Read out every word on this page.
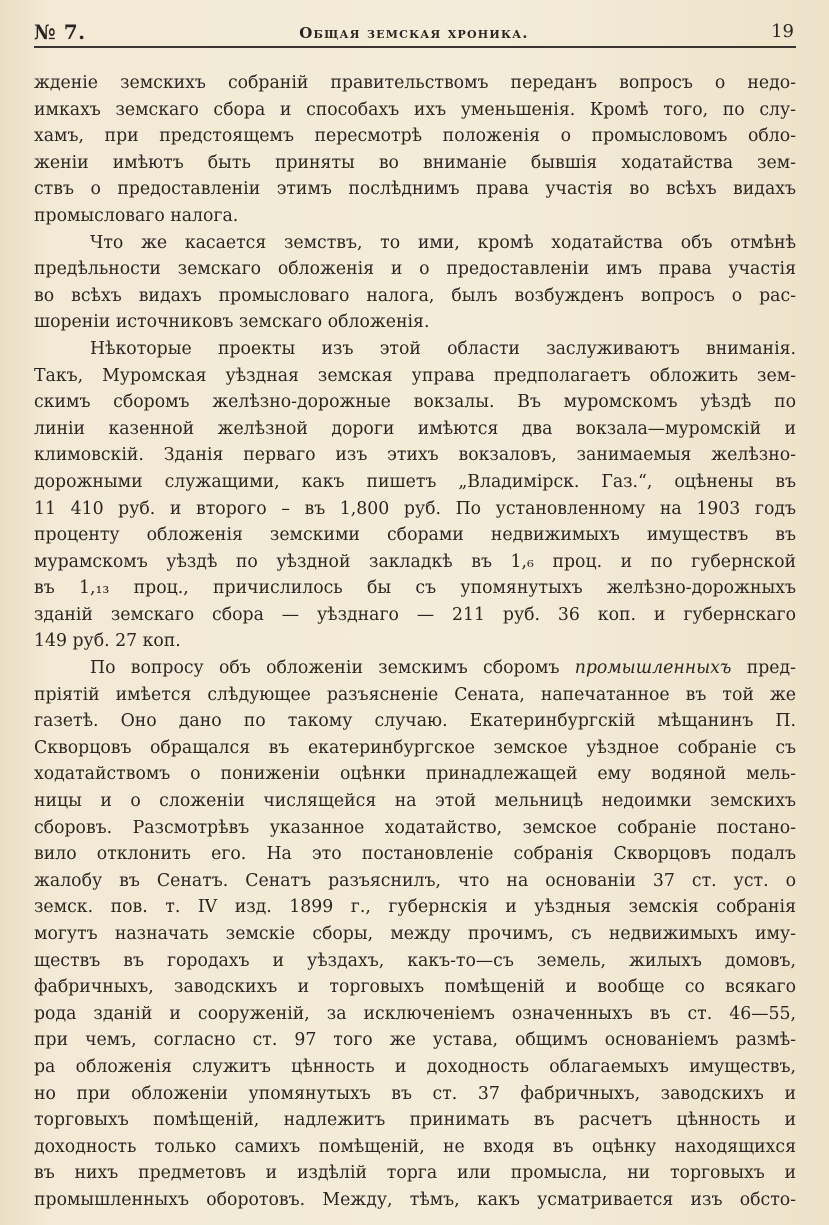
№ 7.	Общая земская хроника.	19
жденіе земскихъ собраній правительствомъ переданъ вопросъ о недо-
имкахъ земскаго сбора и способахъ ихъ уменьшенія. Кромѣ того, по слу-
хамъ, при предстоящемъ пересмотрѣ положенія о промысловомъ обло-
женіи имѣютъ быть приняты во вниманіе бывшія ходатайства зем-
ствъ о предоставленіи этимъ послѣднимъ права участія во всѣхъ видахъ
промысловаго налога.
Что же касается земствъ, то ими, кромѣ ходатайства объ отмѣнѣ
предѣльности земскаго обложенія и о предоставленіи имъ права участія
во всѣхъ видахъ промысловаго налога, былъ возбужденъ вопросъ о рас-
шореніи источниковъ земскаго обложенія.
Нѣкоторые проекты изъ этой области заслуживаютъ вниманія.
Такъ, Муромская уѣздная земская управа предполагаетъ обложить зем-
скимъ сборомъ желѣзно-дорожные вокзалы. Въ муромскомъ уѣздѣ по
линіи казенной желѣзной дороги имѣются два вокзала—муромскій и
климовскій. Зданія перваго изъ этихъ вокзаловъ, занимаемыя желѣзно-
дорожными служащими, какъ пишетъ „Владимірск. Газ.“, оцѣнены въ
11 410 руб. и второго – въ 1,800 руб. По установленному на 1903 годъ
проценту обложенія земскими сборами недвижимыхъ имуществъ въ
мурамскомъ уѣздѣ по уѣздной закладкѣ въ 1,₆ проц. и по губернской
въ 1,₁₃ проц., причислилось бы съ упомянутыхъ желѣзно-дорожныхъ
зданій земскаго сбора — уѣзднаго — 211 руб. 36 коп. и губернскаго
149 руб. 27 коп.
По вопросу объ обложеніи земскимъ сборомъ промышленныхъ пред-
пріятій имѣется слѣдующее разъясненіе Сената, напечатанное въ той же
газетѣ. Оно дано по такому случаю. Екатеринбургскій мѣщанинъ П.
Скворцовъ обращался въ екатеринбургское земское уѣздное собраніе съ
ходатайствомъ о пониженіи оцѣнки принадлежащей ему водяной мель-
ницы и о сложеніи числящейся на этой мельницѣ недоимки земскихъ
сборовъ. Разсмотрѣвъ указанное ходатайство, земское собраніе постано-
вило отклонить его. На это постановленіе собранія Скворцовъ подалъ
жалобу въ Сенатъ. Сенатъ разъяснилъ, что на основаніи 37 ст. уст. о
земск. пов. т. IV изд. 1899 г., губернскія и уѣздныя земскія собранія
могутъ назначать земскіе сборы, между прочимъ, съ недвижимыхъ иму-
ществъ въ городахъ и уѣздахъ, какъ-то—съ земель, жилыхъ домовъ,
фабричныхъ, заводскихъ и торговыхъ помѣщеній и вообще со всякаго
рода зданій и сооруженій, за исключеніемъ означенныхъ въ ст. 46—55,
при чемъ, согласно ст. 97 того же устава, общимъ основаніемъ размѣ-
ра обложенія служитъ цѣнность и доходность облагаемыхъ имуществъ,
но при обложеніи упомянутыхъ въ ст. 37 фабричныхъ, заводскихъ и
торговыхъ помѣщеній, надлежитъ принимать въ расчетъ цѣнность и
доходность только самихъ помѣщеній, не входя въ оцѣнку находящихся
въ нихъ предметовъ и издѣлій торга или промысла, ни торговыхъ и
промышленныхъ оборотовъ. Между, тѣмъ, какъ усматривается изъ обсто-
